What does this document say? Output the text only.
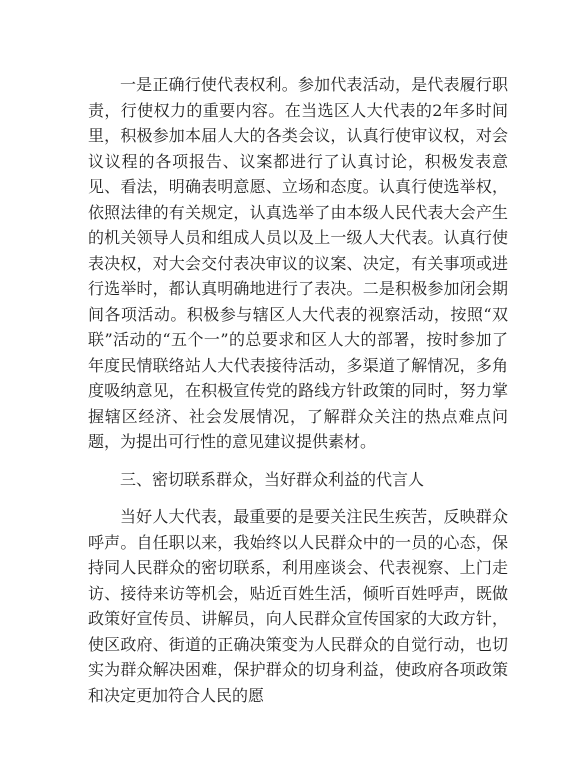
一是正确行使代表权利。参加代表活动，是代表履行职责，行使权力的重要内容。在当选区人大代表的2年多时间里，积极参加本届人大的各类会议，认真行使审议权，对会议议程的各项报告、议案都进行了认真讨论，积极发表意见、看法，明确表明意愿、立场和态度。认真行使选举权，依照法律的有关规定，认真选举了由本级人民代表大会产生的机关领导人员和组成人员以及上一级人大代表。认真行使表决权，对大会交付表决审议的议案、决定，有关事项或进行选举时，都认真明确地进行了表决。二是积极参加闭会期间各项活动。积极参与辖区人大代表的视察活动，按照“双联”活动的“五个一”的总要求和区人大的部署，按时参加了年度民情联络站人大代表接待活动，多渠道了解情况，多角度吸纳意见，在积极宣传党的路线方针政策的同时，努力掌握辖区经济、社会发展情况，了解群众关注的热点难点问题，为提出可行性的意见建议提供素材。

三、密切联系群众，当好群众利益的代言人

当好人大代表，最重要的是要关注民生疾苦，反映群众呼声。自任职以来，我始终以人民群众中的一员的心态，保持同人民群众的密切联系，利用座谈会、代表视察、上门走访、接待来访等机会，贴近百姓生活，倾听百姓呼声，既做政策好宣传员、讲解员，向人民群众宣传国家的大政方针，使区政府、街道的正确决策变为人民群众的自觉行动，也切实为群众解决困难，保护群众的切身利益，使政府各项政策和决定更加符合人民的愿
